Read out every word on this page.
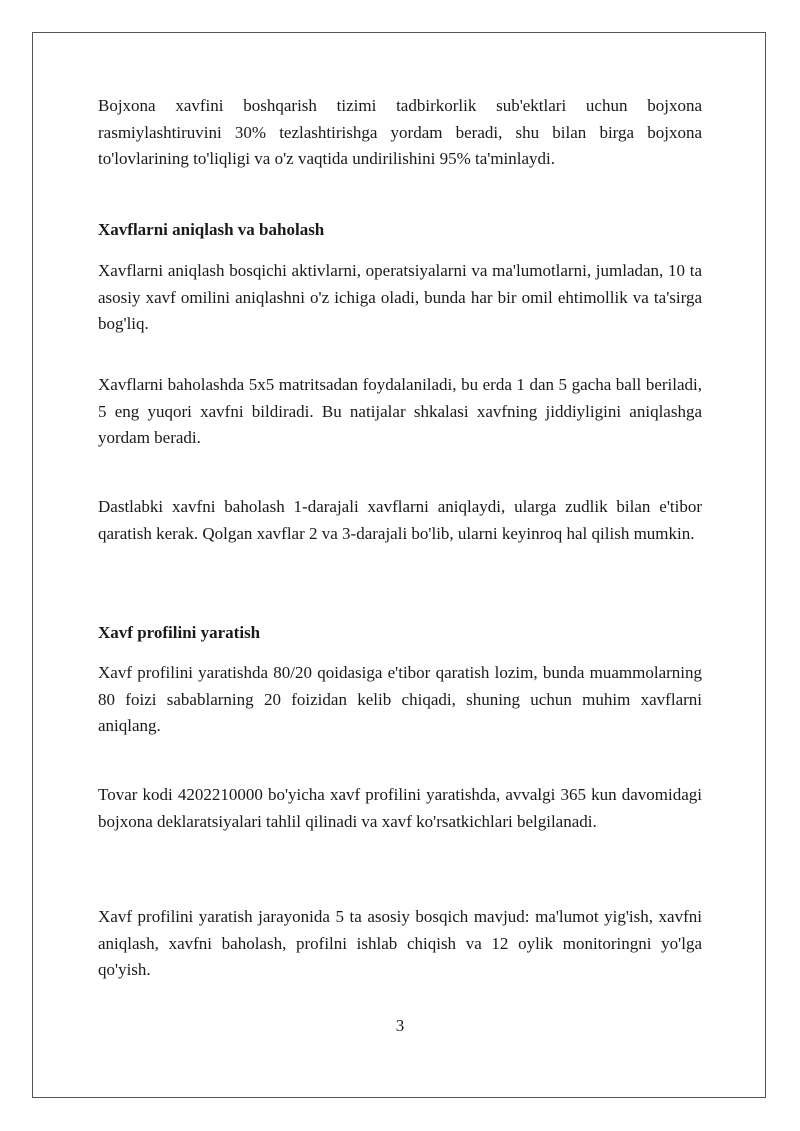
Bojxona xavfini boshqarish tizimi tadbirkorlik sub'ektlari uchun bojxona rasmiylashtiruvini 30% tezlashtirishga yordam beradi, shu bilan birga bojxona to'lovlarining to'liqligi va o'z vaqtida undirilishini 95% ta'minlaydi.

Xavflarni aniqlash va baholash

Xavflarni aniqlash bosqichi aktivlarni, operatsiyalarni va ma'lumotlarni, jumladan, 10 ta asosiy xavf omilini aniqlashni o'z ichiga oladi, bunda har bir omil ehtimollik va ta'sirga bog'liq.

Xavflarni baholashda 5x5 matritsadan foydalaniladi, bu erda 1 dan 5 gacha ball beriladi, 5 eng yuqori xavfni bildiradi. Bu natijalar shkalasi xavfning jiddiyligini aniqlashga yordam beradi.

Dastlabki xavfni baholash 1-darajali xavflarni aniqlaydi, ularga zudlik bilan e'tibor qaratish kerak. Qolgan xavflar 2 va 3-darajali bo'lib, ularni keyinroq hal qilish mumkin.

Xavf profilini yaratish

Xavf profilini yaratishda 80/20 qoidasiga e'tibor qaratish lozim, bunda muammolarning 80 foizi sabablarning 20 foizidan kelib chiqadi, shuning uchun muhim xavflarni aniqlang.

Tovar kodi 4202210000 bo'yicha xavf profilini yaratishda, avvalgi 365 kun davomidagi bojxona deklaratsiyalari tahlil qilinadi va xavf ko'rsatkichlari belgilanadi.

Xavf profilini yaratish jarayonida 5 ta asosiy bosqich mavjud: ma'lumot yig'ish, xavfni aniqlash, xavfni baholash, profilni ishlab chiqish va 12 oylik monitoringni yo'lga qo'yish.

3
